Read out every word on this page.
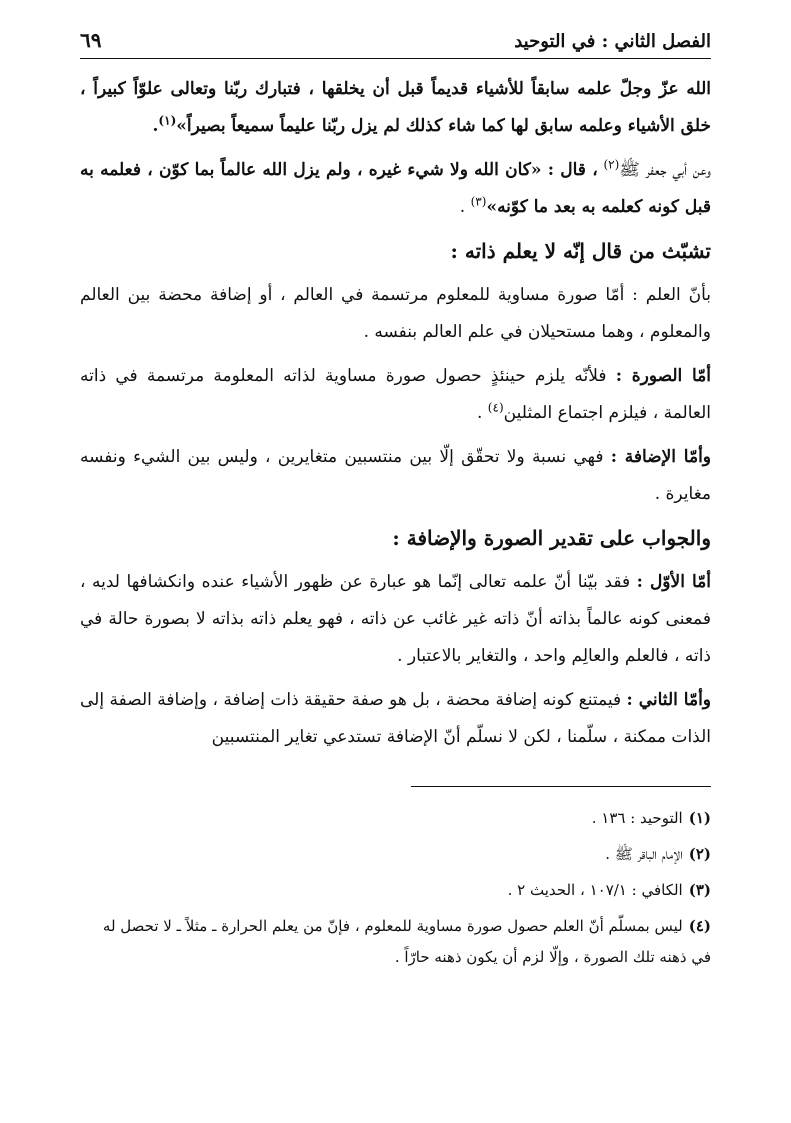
الفصل الثاني : في التوحيد
٦٩

الله عزّ وجلّ علمه سابقاً للأشياء قديماً قبل أن يخلقها ، فتبارك ربّنا وتعالى علوّاً كبيراً ، خلق الأشياء وعلمه سابق لها كما شاء كذلك لم يزل ربّنا عليماً سميعاً بصيراً»$^{(١)}$.

وعن أبي جعفر ﷺ$^{(٢)}$ ، قال : «كان الله ولا شيء غيره ، ولم يزل الله عالماً بما كوّن ، فعلمه به قبل كونه كعلمه به بعد ما كوّنه»$^{(٣)}$ .

تشبّث من قال إنّه لا يعلم ذاته :

بأنّ العلم : أمّا صورة مساوية للمعلوم مرتسمة في العالم ، أو إضافة محضة بين العالم والمعلوم ، وهما مستحيلان في علم العالم بنفسه .

أمّا الصورة : فلأنّه يلزم حينئذٍ حصول صورة مساوية لذاته المعلومة مرتسمة في ذاته العالمة ، فيلزم اجتماع المثلين$^{(٤)}$ .

وأمّا الإضافة : فهي نسبة ولا تحقّق إلّا بين منتسبين متغايرين ، وليس بين الشيء ونفسه مغايرة .

والجواب على تقدير الصورة والإضافة :

أمّا الأوّل : فقد بيّنا أنّ علمه تعالى إنّما هو عبارة عن ظهور الأشياء عنده وانكشافها لديه ، فمعنى كونه عالماً بذاته أنّ ذاته غير غائب عن ذاته ، فهو يعلم ذاته بذاته لا بصورة حالة في ذاته ، فالعلم والعالِم واحد ، والتغاير بالاعتبار .

وأمّا الثاني : فيمتنع كونه إضافة محضة ، بل هو صفة حقيقة ذات إضافة ، وإضافة الصفة إلى الذات ممكنة ، سلّمنا ، لكن لا نسلّم أنّ الإضافة تستدعي تغاير المنتسبين

(١)التوحيد : ١٣٦ .
(٢)الإمام الباقر ﷺ .
(٣)الكافي : ١٠٧/١ ، الحديث ٢ .
(٤)ليس بمسلّم أنّ العلم حصول صورة مساوية للمعلوم ، فإنّ من يعلم الحرارة ـ مثلاً ـ لا تحصل له في ذهنه تلك الصورة ، وإلّا لزم أن يكون ذهنه حارّاً .
